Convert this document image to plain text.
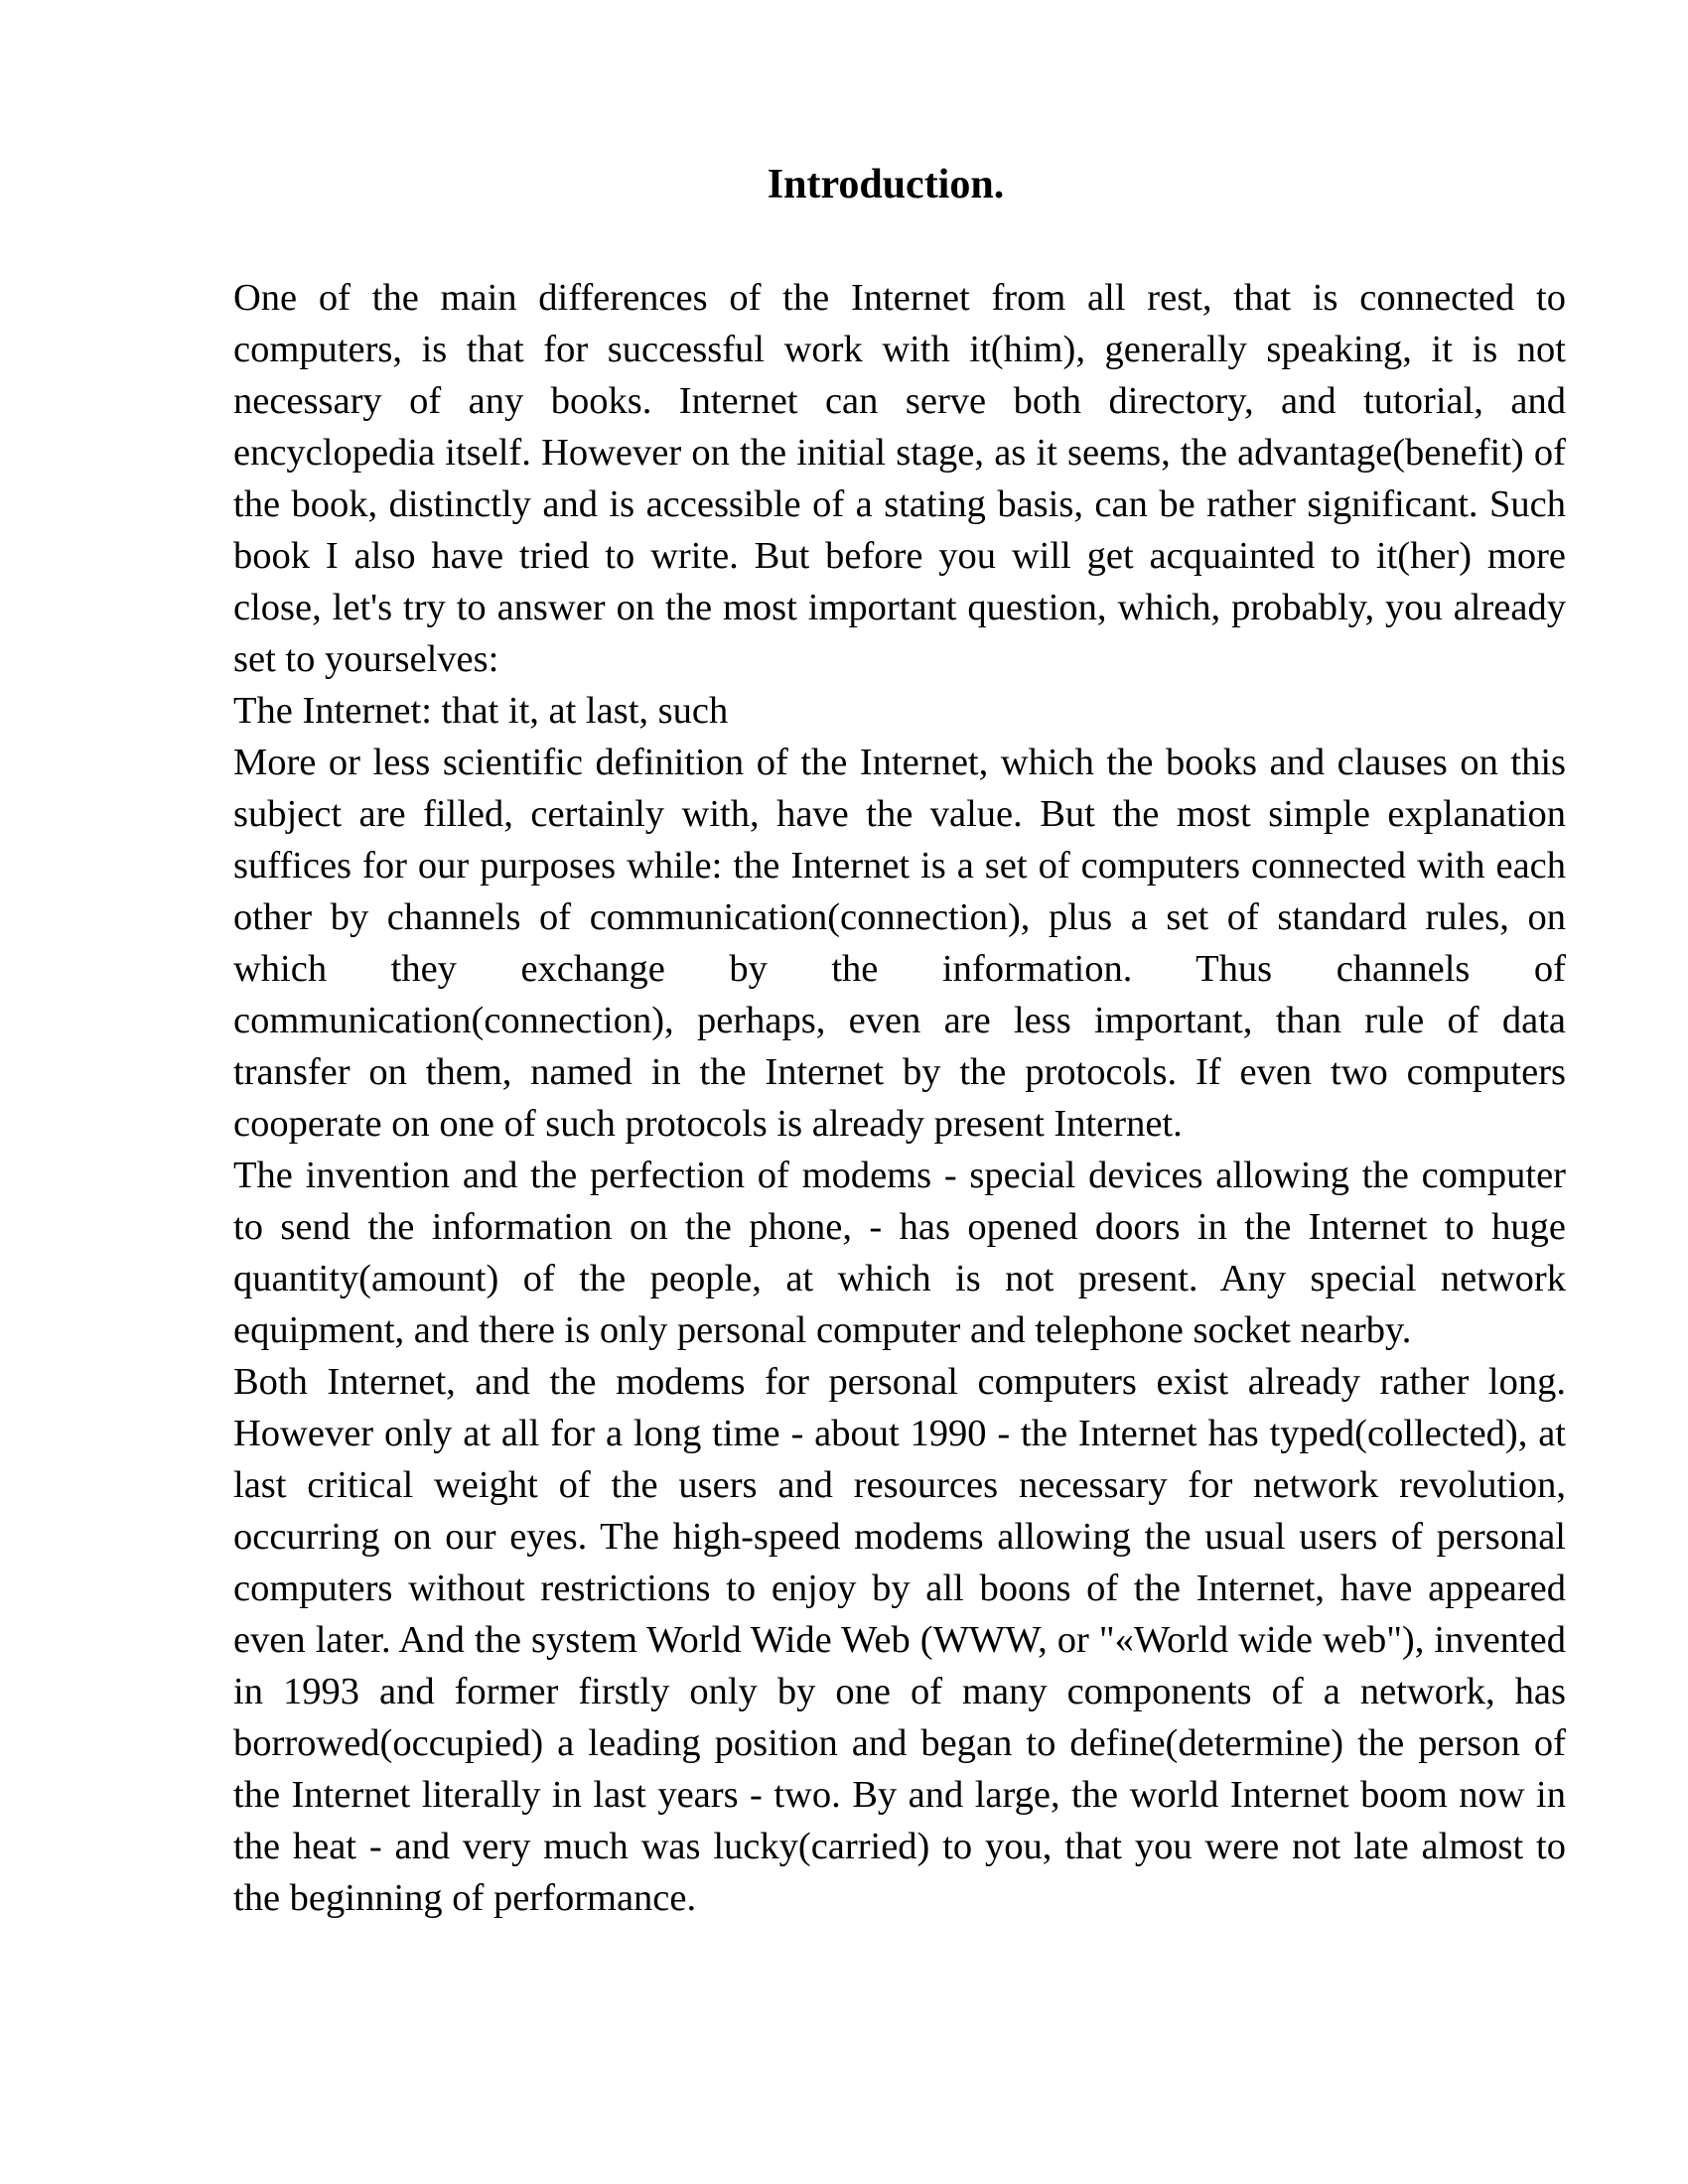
Introduction.

One of the main differences of the Internet from all rest, that is connected to computers, is that for successful work with it(him), generally speaking, it is not necessary of any books. Internet can serve both directory, and tutorial, and encyclopedia itself. However on the initial stage, as it seems, the advantage(benefit) of the book, distinctly and is accessible of a stating basis, can be rather significant. Such book I also have tried to write. But before you will get acquainted to it(her) more close, let's try to answer on the most important question, which, probably, you already set to yourselves:

The Internet: that it, at last, such

More or less scientific definition of the Internet, which the books and clauses on this subject are filled, certainly with, have the value. But the most simple explanation suffices for our purposes while: the Internet is a set of computers connected with each other by channels of communication(connection), plus a set of standard rules, on which they exchange by the information. Thus channels of communication(connection), perhaps, even are less important, than rule of data transfer on them, named in the Internet by the protocols. If even two computers cooperate on one of such protocols is already present Internet.

The invention and the perfection of modems - special devices allowing the computer to send the information on the phone, - has opened doors in the Internet to huge quantity(amount) of the people, at which is not present. Any special network equipment, and there is only personal computer and telephone socket nearby.

Both Internet, and the modems for personal computers exist already rather long. However only at all for a long time - about 1990 - the Internet has typed(collected), at last critical weight of the users and resources necessary for network revolution, occurring on our eyes. The high-speed modems allowing the usual users of personal computers without restrictions to enjoy by all boons of the Internet, have appeared even later. And the system World Wide Web (WWW, or "«World wide web"), invented in 1993 and former firstly only by one of many components of a network, has borrowed(occupied) a leading position and began to define(determine) the person of the Internet literally in last years - two. By and large, the world Internet boom now in the heat - and very much was lucky(carried) to you, that you were not late almost to the beginning of performance.
